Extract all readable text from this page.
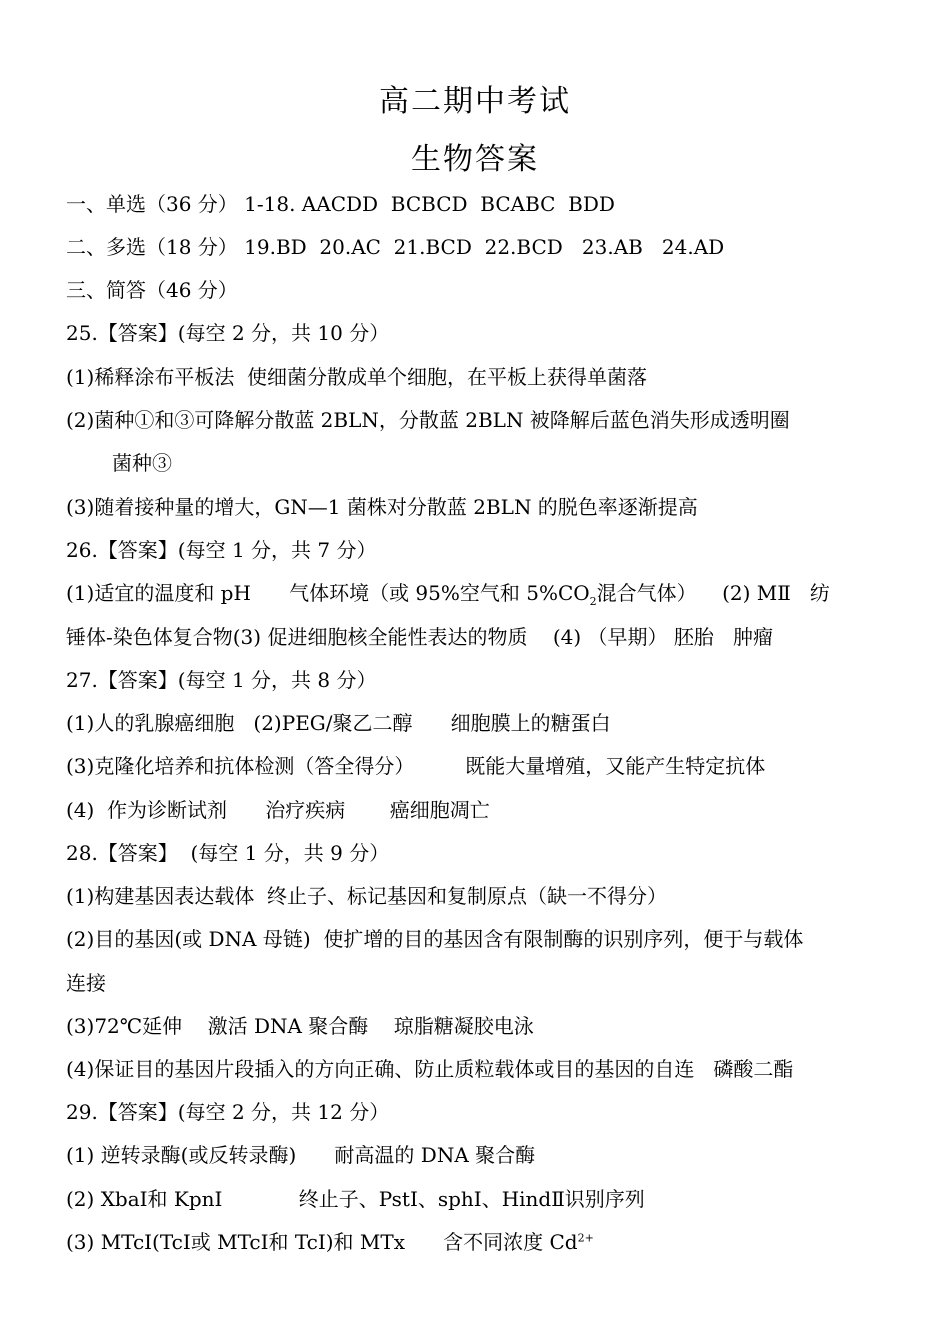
高二期中考试
生物答案
一、单选（36 分） 1-18. AACDD  BCBCD  BCABC  BDD
二、多选（18 分） 19.BD  20.AC  21.BCD  22.BCD   23.AB   24.AD
三、简答（46 分）
25.【答案】(每空 2 分，共 10 分）
(1)稀释涂布平板法  使细菌分散成单个细胞，在平板上获得单菌落
(2)菌种①和③可降解分散蓝 2BLN，分散蓝 2BLN 被降解后蓝色消失形成透明圈
菌种③
(3)随着接种量的增大，GN—1 菌株对分散蓝 2BLN 的脱色率逐渐提高
26.【答案】(每空 1 分，共 7 分）
(1)适宜的温度和 pH      气体环境（或 95%空气和 $5\%CO_2$混合气体）    (2) MⅡ   纺
锤体-染色体复合物(3) 促进细胞核全能性表达的物质    (4) （早期） 胚胎   肿瘤
27.【答案】(每空 1 分，共 8 分）
(1)人的乳腺癌细胞   (2)PEG/聚乙二醇      细胞膜上的糖蛋白
(3)克隆化培养和抗体检测（答全得分）        既能大量增殖，又能产生特定抗体
(4)  作为诊断试剂      治疗疾病       癌细胞凋亡
28.【答案】  (每空 1 分，共 9 分）
(1)构建基因表达载体  终止子、标记基因和复制原点（缺一不得分）
(2)目的基因(或 DNA 母链)  使扩增的目的基因含有限制酶的识别序列，便于与载体
连接
(3)72℃延伸    激活 DNA 聚合酶    琼脂糖凝胶电泳
(4)保证目的基因片段插入的方向正确、防止质粒载体或目的基因的自连   磷酸二酯
29.【答案】(每空 2 分，共 12 分）
(1) 逆转录酶(或反转录酶)      耐高温的 DNA 聚合酶
(2) XbaⅠ和 KpnⅠ            终止子、PstⅠ、sphⅠ、HindⅡ识别序列
(3) MTcⅠ(TcⅠ或 MTcⅠ和 TcⅠ)和 MTx      含不同浓度 $Cd^{2+}$
